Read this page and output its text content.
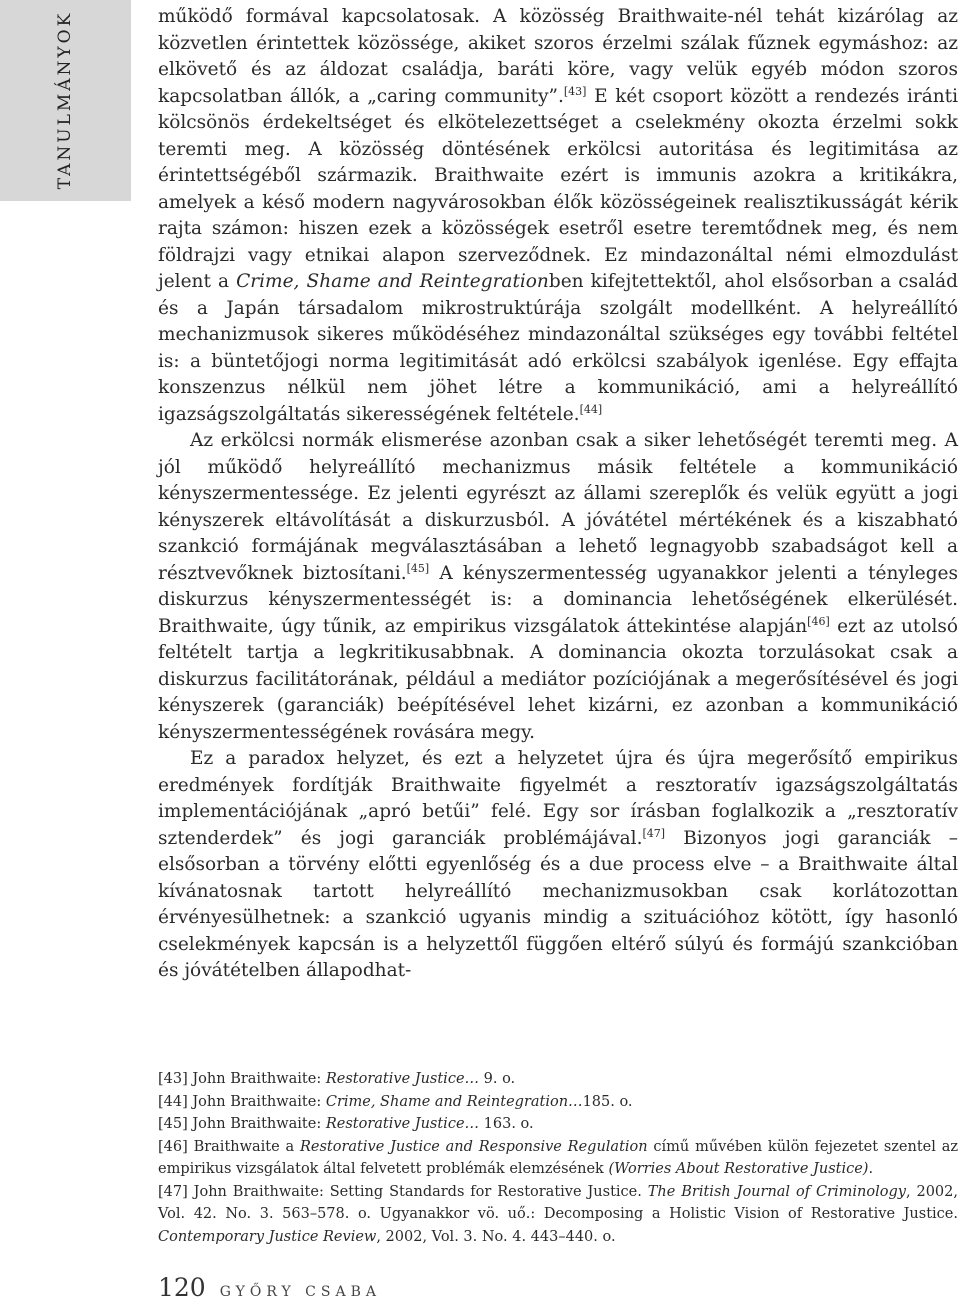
TANULMÁNYOK	működő formával kapcsolatosak. A közösség Braithwaite-nél tehát kizárólag az közvetlen érintettek közössége, akiket szoros érzelmi szálak fűznek egymáshoz: az elkövető és az áldozat családja, baráti köre, vagy velük egyéb módon szoros kapcsolatban állók, a „caring community”.[43] E két csoport között a rendezés iránti kölcsönös érdekeltséget és elkötelezettséget a cselekmény okozta érzelmi sokk teremti meg. A közösség döntésének erkölcsi autoritása és legitimitása az érintettségéből származik. Braithwaite ezért is immunis azokra a kritikákra, amelyek a késő modern nagyvárosokban élők közösségeinek realisztikusságát kérik rajta számon: hiszen ezek a közösségek esetről esetre teremtődnek meg, és nem földrajzi vagy etnikai alapon szerveződnek. Ez mindazonáltal némi elmozdulást jelent a Crime, Shame and Reintegrationben kifejtettektől, ahol elsősorban a család és a Japán társadalom mikrostruktúrája szolgált modellként. A helyreállító mechanizmusok sikeres működéséhez mindazonáltal szükséges egy további feltétel is: a büntetőjogi norma legitimitását adó erkölcsi szabályok igenlése. Egy effajta konszenzus nélkül nem jöhet létre a kommunikáció, ami a helyreállító igazságszolgáltatás sikerességének feltétele.[44]

Az erkölcsi normák elismerése azonban csak a siker lehetőségét teremti meg. A jól működő helyreállító mechanizmus másik feltétele a kommunikáció kényszermentessége. Ez jelenti egyrészt az állami szereplők és velük együtt a jogi kényszerek eltávolítását a diskurzusból. A jóvátétel mértékének és a kiszabható szankció formájának megválasztásában a lehető legnagyobb szabadságot kell a résztvevőknek biztosítani.[45] A kényszermentesség ugyanakkor jelenti a tényleges diskurzus kényszermentességét is: a dominancia lehetőségének elkerülését. Braithwaite, úgy tűnik, az empirikus vizsgálatok áttekintése alapján[46] ezt az utolsó feltételt tartja a legkritikusabbnak. A dominancia okozta torzulásokat csak a diskurzus facilitátorának, például a mediátor pozíciójának a megerősítésével és jogi kényszerek (garanciák) beépítésével lehet kizárni, ez azonban a kommunikáció kényszermentességének rovására megy.

Ez a paradox helyzet, és ezt a helyzetet újra és újra megerősítő empirikus eredmények fordítják Braithwaite figyelmét a resztoratív igazságszolgáltatás implementációjának „apró betűi” felé. Egy sor írásban foglalkozik a „resztoratív sztenderdek” és jogi garanciák problémájával.[47] Bizonyos jogi garanciák – elsősorban a törvény előtti egyenlőség és a due process elve – a Braithwaite által kívánatosnak tartott helyreállító mechanizmusokban csak korlátozottan érvényesülhetnek: a szankció ugyanis mindig a szituációhoz kötött, így hasonló cselekmények kapcsán is a helyzettől függően eltérő súlyú és formájú szankcióban és jóvátételben állapodhat-

[43] John Braithwaite: Restorative Justice… 9. o.

[44] John Braithwaite: Crime, Shame and Reintegration…185. o.

[45] John Braithwaite: Restorative Justice… 163. o.

[46] Braithwaite a Restorative Justice and Responsive Regulation című művében külön fejezetet szentel az empirikus vizsgálatok által felvetett problémák elemzésének (Worries About Restorative Justice).

[47] John Braithwaite: Setting Standards for Restorative Justice. The British Journal of Criminology, 2002, Vol. 42. No. 3. 563–578. o. Ugyanakkor vö. uő.: Decomposing a Holistic Vision of Restorative Justice. Contemporary Justice Review, 2002, Vol. 3. No. 4. 443–440. o.

120 GYŐRY CSABA
